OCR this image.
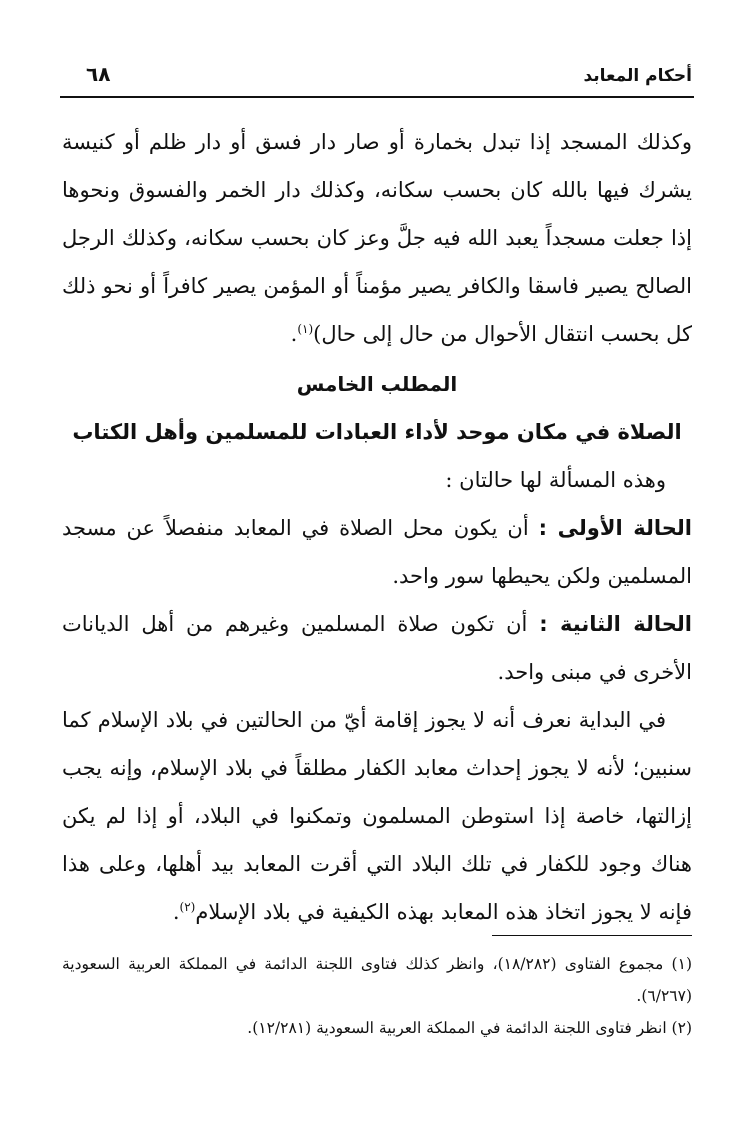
أحكام المعابد
٦٨

وكذلك المسجد إذا تبدل بخمارة أو صار دار فسق أو دار ظلم أو كنيسة يشرك فيها بالله كان بحسب سكانه، وكذلك دار الخمر والفسوق ونحوها إذا جعلت مسجداً يعبد الله فيه جلَّ وعز كان بحسب سكانه، وكذلك الرجل الصالح يصير فاسقا والكافر يصير مؤمناً أو المؤمن يصير كافراً أو نحو ذلك كل بحسب انتقال الأحوال من حال إلى حال)$^{(١)}$.

المطلب الخامس
الصلاة في مكان موحد لأداء العبادات للمسلمين وأهل الكتاب

وهذه المسألة لها حالتان :

الحالة الأولى : أن يكون محل الصلاة في المعابد منفصلاً عن مسجد المسلمين ولكن يحيطها سور واحد.

الحالة الثانية : أن تكون صلاة المسلمين وغيرهم من أهل الديانات الأخرى في مبنى واحد.

في البداية نعرف أنه لا يجوز إقامة أيّ من الحالتين في بلاد الإسلام كما سنبين؛ لأنه لا يجوز إحداث معابد الكفار مطلقاً في بلاد الإسلام، وإنه يجب إزالتها، خاصة إذا استوطن المسلمون وتمكنوا في البلاد، أو إذا لم يكن هناك وجود للكفار في تلك البلاد التي أقرت المعابد بيد أهلها، وعلى هذا فإنه لا يجوز اتخاذ هذه المعابد بهذه الكيفية في بلاد الإسلام$^{(٢)}$.

(١) مجموع الفتاوى (١٨/٢٨٢)، وانظر كذلك فتاوى اللجنة الدائمة في المملكة العربية السعودية (٦/٢٦٧).

(٢) انظر فتاوى اللجنة الدائمة في المملكة العربية السعودية (١٢/٢٨١).
